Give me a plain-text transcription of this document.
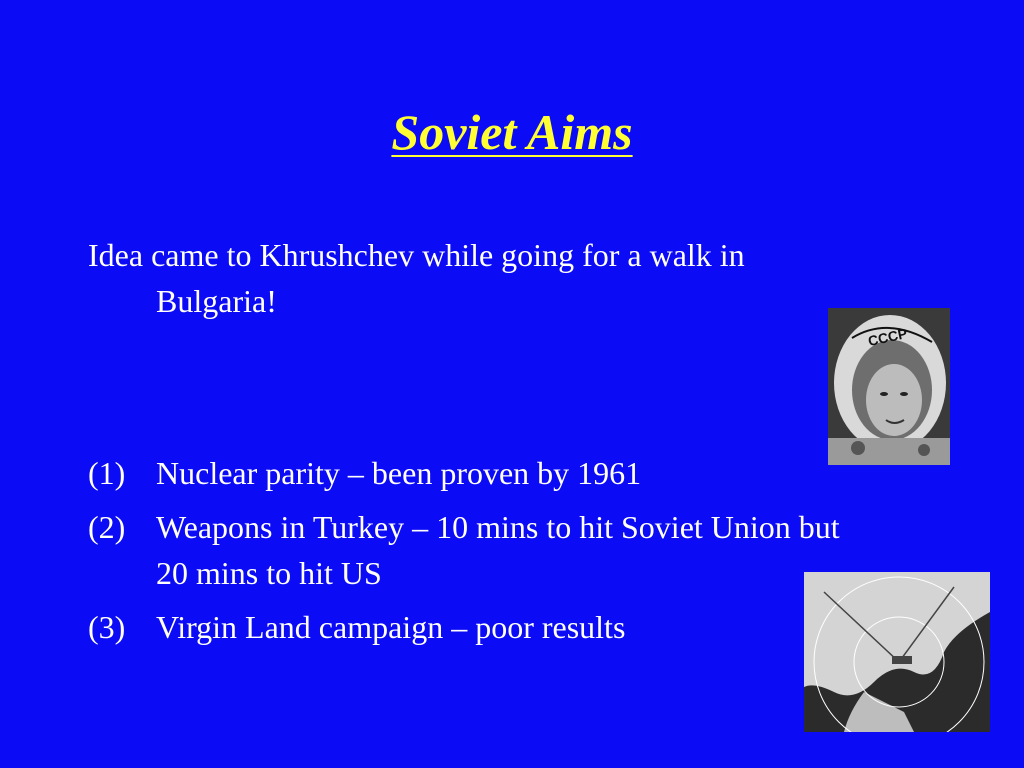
Soviet Aims

Idea came to Khrushchev while going for a walk in
Bulgaria!

CCCP
(1) Nuclear parity – been proven by 1961
(2) Weapons in Turkey – 10 mins to hit Soviet Union but 20 mins to hit US
(3) Virgin Land campaign – poor results
